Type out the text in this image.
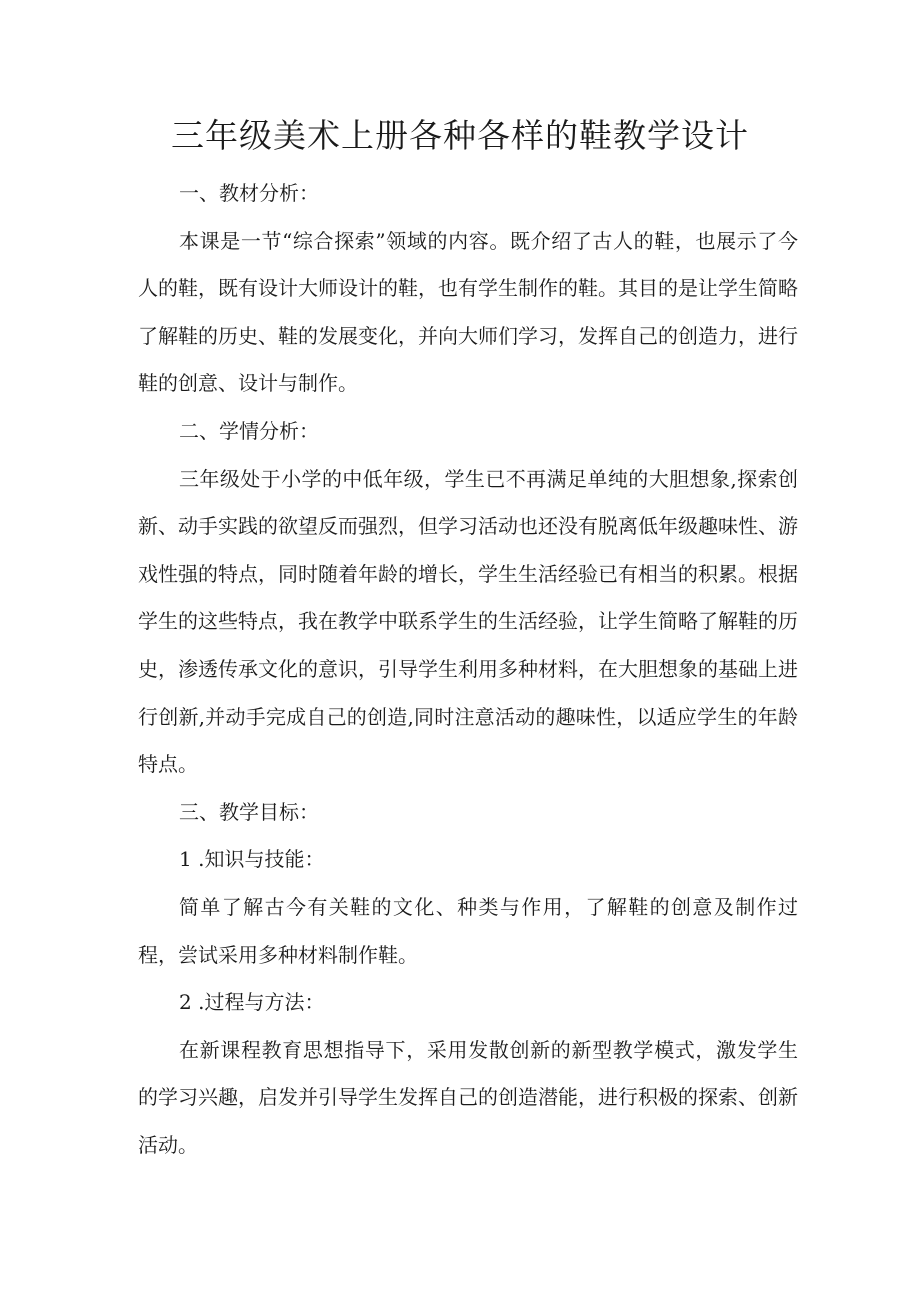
三年级美术上册各种各样的鞋教学设计

一、教材分析：

本课是一节“综合探索”领域的内容。既介绍了古人的鞋，也展示了今人的鞋，既有设计大师设计的鞋，也有学生制作的鞋。其目的是让学生简略了解鞋的历史、鞋的发展变化，并向大师们学习，发挥自己的创造力，进行鞋的创意、设计与制作。

二、学情分析：

三年级处于小学的中低年级，学生已不再满足单纯的大胆想象,探索创新、动手实践的欲望反而强烈，但学习活动也还没有脱离低年级趣味性、游戏性强的特点，同时随着年龄的增长，学生生活经验已有相当的积累。根据学生的这些特点，我在教学中联系学生的生活经验，让学生简略了解鞋的历史，渗透传承文化的意识，引导学生利用多种材料，在大胆想象的基础上进行创新,并动手完成自己的创造,同时注意活动的趣味性，以适应学生的年龄特点。

三、教学目标：

1 .知识与技能：

简单了解古今有关鞋的文化、种类与作用，了解鞋的创意及制作过程，尝试采用多种材料制作鞋。

2 .过程与方法：

在新课程教育思想指导下，采用发散创新的新型教学模式，激发学生的学习兴趣，启发并引导学生发挥自己的创造潜能，进行积极的探索、创新活动。
